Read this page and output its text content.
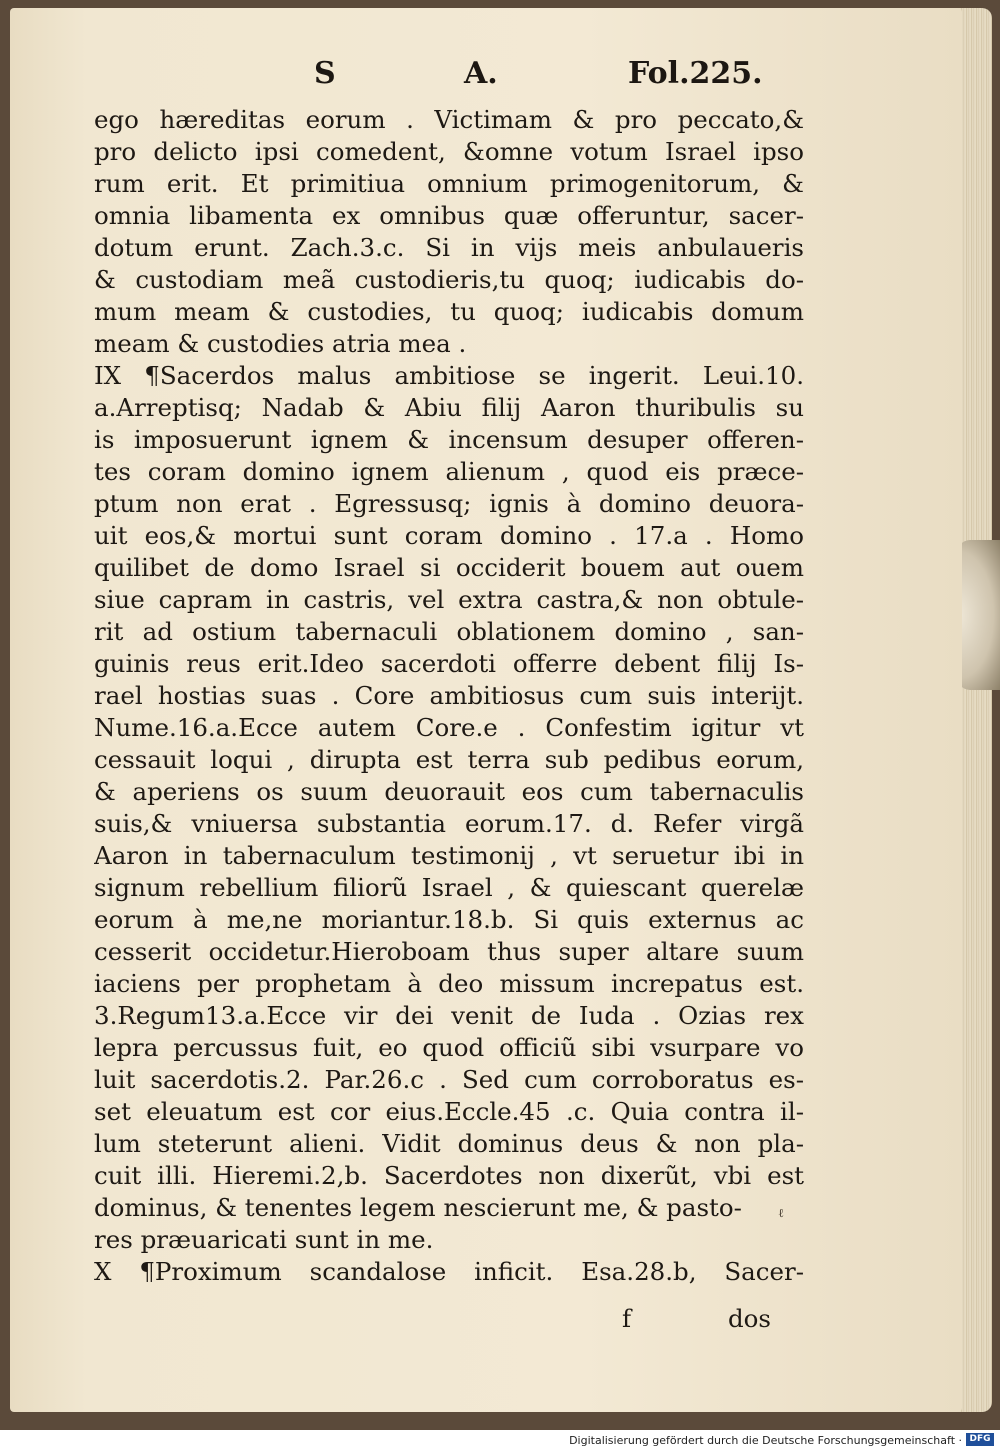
S	A.	Fol.225.
ego hæreditas eorum . Victimam & pro peccato,&
pro delicto ipsi comedent, &omne votum Israel ipso
rum erit. Et primitiua omnium primogenitorum, &
omnia libamenta ex omnibus quæ offeruntur, sacer-
dotum erunt. Zach.3.c. Si in vijs meis anbulaueris
& custodiam meã custodieris,tu quoq; iudicabis do-
mum meam & custodies, tu quoq; iudicabis domum
meam & custodies atria mea .
IX ¶Sacerdos malus ambitiose se ingerit. Leui.10.
a.Arreptisq; Nadab & Abiu filij Aaron thuribulis su
is imposuerunt ignem & incensum desuper offeren-
tes coram domino ignem alienum , quod eis præce-
ptum non erat . Egressusq; ignis à domino deuora-
uit eos,& mortui sunt coram domino . 17.a . Homo
quilibet de domo Israel si occiderit bouem aut ouem
siue capram in castris, vel extra castra,& non obtule-
rit ad ostium tabernaculi oblationem domino , san-
guinis reus erit.Ideo sacerdoti offerre debent filij Is-
rael hostias suas . Core ambitiosus cum suis interijt.
Nume.16.a.Ecce autem Core.e . Confestim igitur vt
cessauit loqui , dirupta est terra sub pedibus eorum,
& aperiens os suum deuorauit eos cum tabernaculis
suis,& vniuersa substantia eorum.17. d. Refer virgã
Aaron in tabernaculum testimonij , vt seruetur ibi in
signum rebellium filiorũ Israel , & quiescant querelæ
eorum à me,ne moriantur.18.b. Si quis externus ac
cesserit occidetur.Hieroboam thus super altare suum
iaciens per prophetam à deo missum increpatus est.
3.Regum13.a.Ecce vir dei venit de Iuda . Ozias rex
lepra percussus fuit, eo quod officiũ sibi vsurpare vo
luit sacerdotis.2. Par.26.c . Sed cum corroboratus es-
set eleuatum est cor eius.Eccle.45 .c. Quia contra il-
lum steterunt alieni. Vidit dominus deus & non pla-
cuit illi. Hieremi.2,b. Sacerdotes non dixerũt, vbi est
dominus, & tenentes legem nescierunt me, & pasto-
res præuaricati sunt in me.
X ¶Proximum scandalose inficit. Esa.28.b, Sacer-
ℓ
f	dos
Digitalisierung gefördert durch die Deutsche Forschungsgemeinschaft · DFG
